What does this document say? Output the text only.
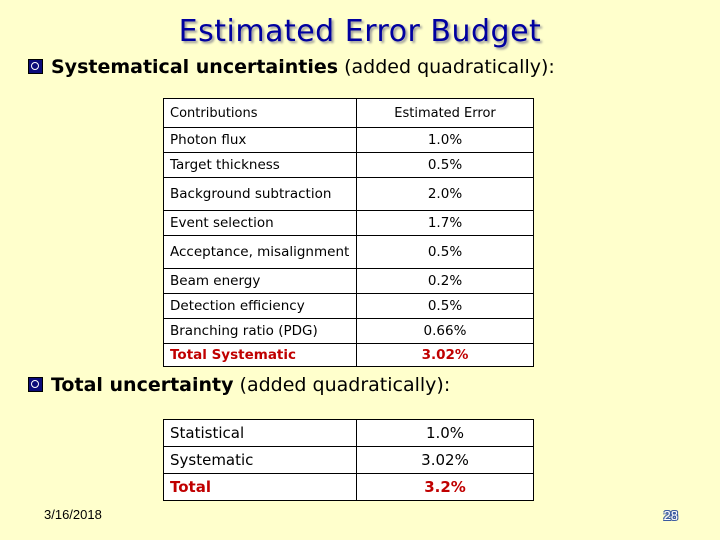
Estimated Error Budget
Systematical uncertainties (added quadratically):
Contributions	Estimated Error
Photon flux	1.0%
Target thickness	0.5%
Background subtraction	2.0%
Event selection	1.7%
Acceptance, misalignment	0.5%
Beam energy	0.2%
Detection efficiency	0.5%
Branching ratio (PDG)	0.66%
Total Systematic	3.02%
Total uncertainty (added quadratically):
Statistical	1.0%
Systematic	3.02%
Total	3.2%
3/16/2018	28
